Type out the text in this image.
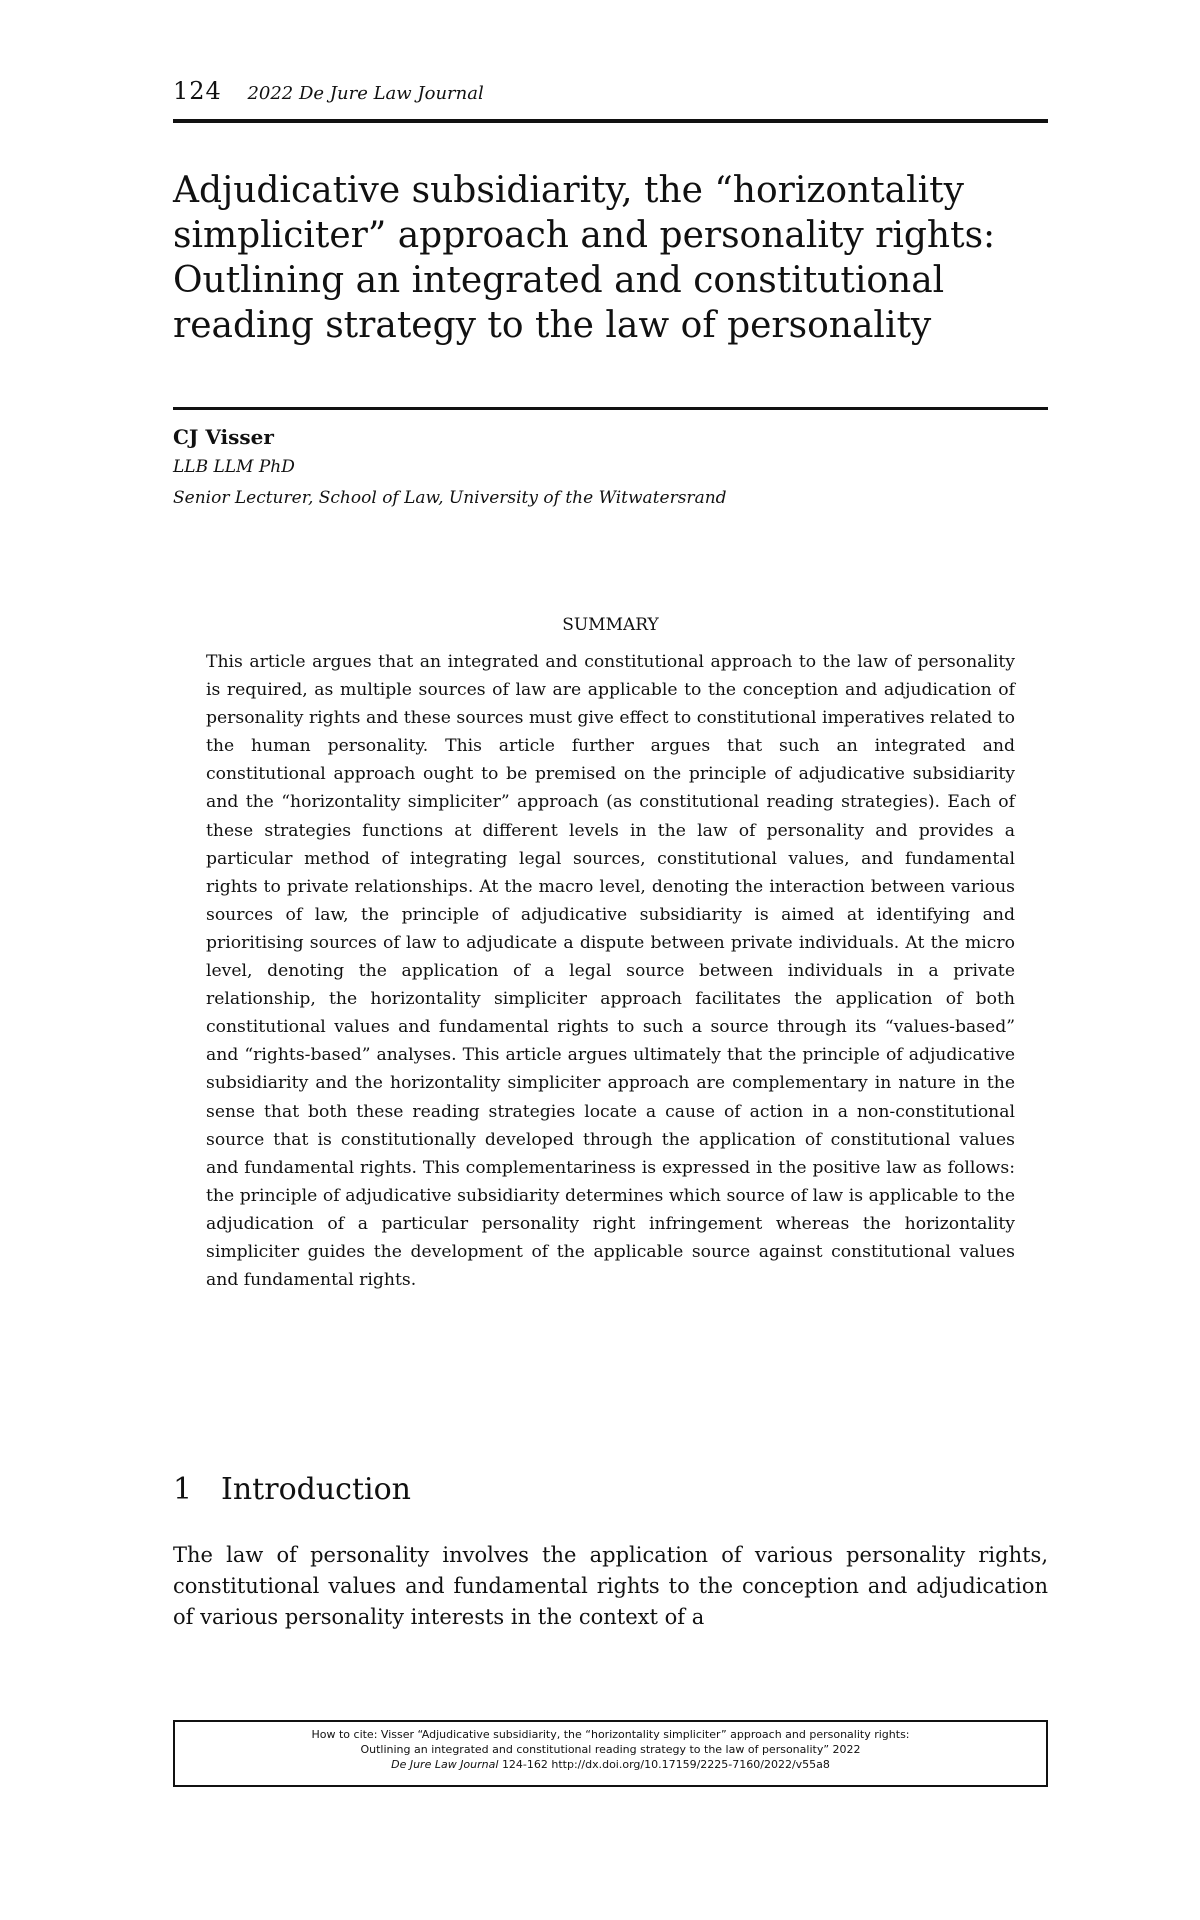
124 2022 De Jure Law Journal
Adjudicative subsidiarity, the “horizontality simpliciter” approach and personality rights: Outlining an integrated and constitutional reading strategy to the law of personality
CJ Visser
LLB LLM PhD
Senior Lecturer, School of Law, University of the Witwatersrand
SUMMARY

This article argues that an integrated and constitutional approach to the law of personality is required, as multiple sources of law are applicable to the conception and adjudication of personality rights and these sources must give effect to constitutional imperatives related to the human personality. This article further argues that such an integrated and constitutional approach ought to be premised on the principle of adjudicative subsidiarity and the “horizontality simpliciter” approach (as constitutional reading strategies). Each of these strategies functions at different levels in the law of personality and provides a particular method of integrating legal sources, constitutional values, and fundamental rights to private relationships. At the macro level, denoting the interaction between various sources of law, the principle of adjudicative subsidiarity is aimed at identifying and prioritising sources of law to adjudicate a dispute between private individuals. At the micro level, denoting the application of a legal source between individuals in a private relationship, the horizontality simpliciter approach facilitates the application of both constitutional values and fundamental rights to such a source through its “values-based” and “rights-based” analyses. This article argues ultimately that the principle of adjudicative subsidiarity and the horizontality simpliciter approach are complementary in nature in the sense that both these reading strategies locate a cause of action in a non-constitutional source that is constitutionally developed through the application of constitutional values and fundamental rights. This complementariness is expressed in the positive law as follows: the principle of adjudicative subsidiarity determines which source of law is applicable to the adjudication of a particular personality right infringement whereas the horizontality simpliciter guides the development of the applicable source against constitutional values and fundamental rights.

1 Introduction

The law of personality involves the application of various personality rights, constitutional values and fundamental rights to the conception and adjudication of various personality interests in the context of a

How to cite: Visser “Adjudicative subsidiarity, the “horizontality simpliciter” approach and personality rights:
Outlining an integrated and constitutional reading strategy to the law of personality” 2022
De Jure Law Journal 124-162 http://dx.doi.org/10.17159/2225-7160/2022/v55a8
